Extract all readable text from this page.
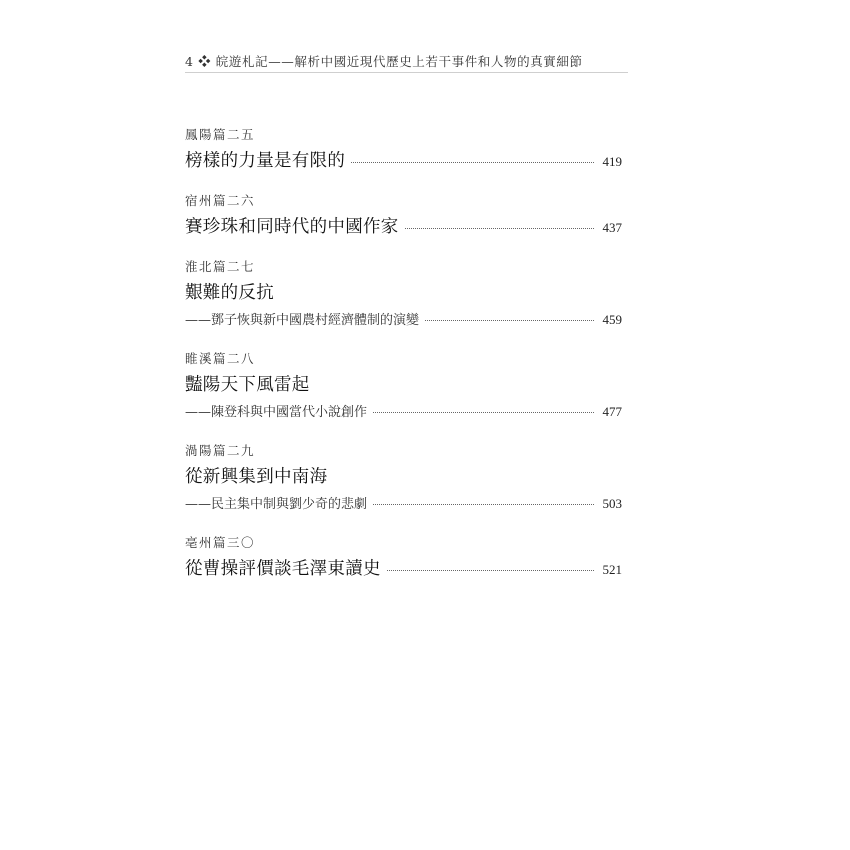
4 ❖ 皖遊札記——解析中國近現代歷史上若干事件和人物的真實細節
鳳陽篇二五
榜樣的力量是有限的	419
宿州篇二六
賽珍珠和同時代的中國作家	437
淮北篇二七
艱難的反抗
——鄧子恢與新中國農村經濟體制的演變	459
睢溪篇二八
豔陽天下風雷起
——陳登科與中國當代小說創作	477
渦陽篇二九
從新興集到中南海
——民主集中制與劉少奇的悲劇	503
亳州篇三〇
從曹操評價談毛澤東讀史	521
